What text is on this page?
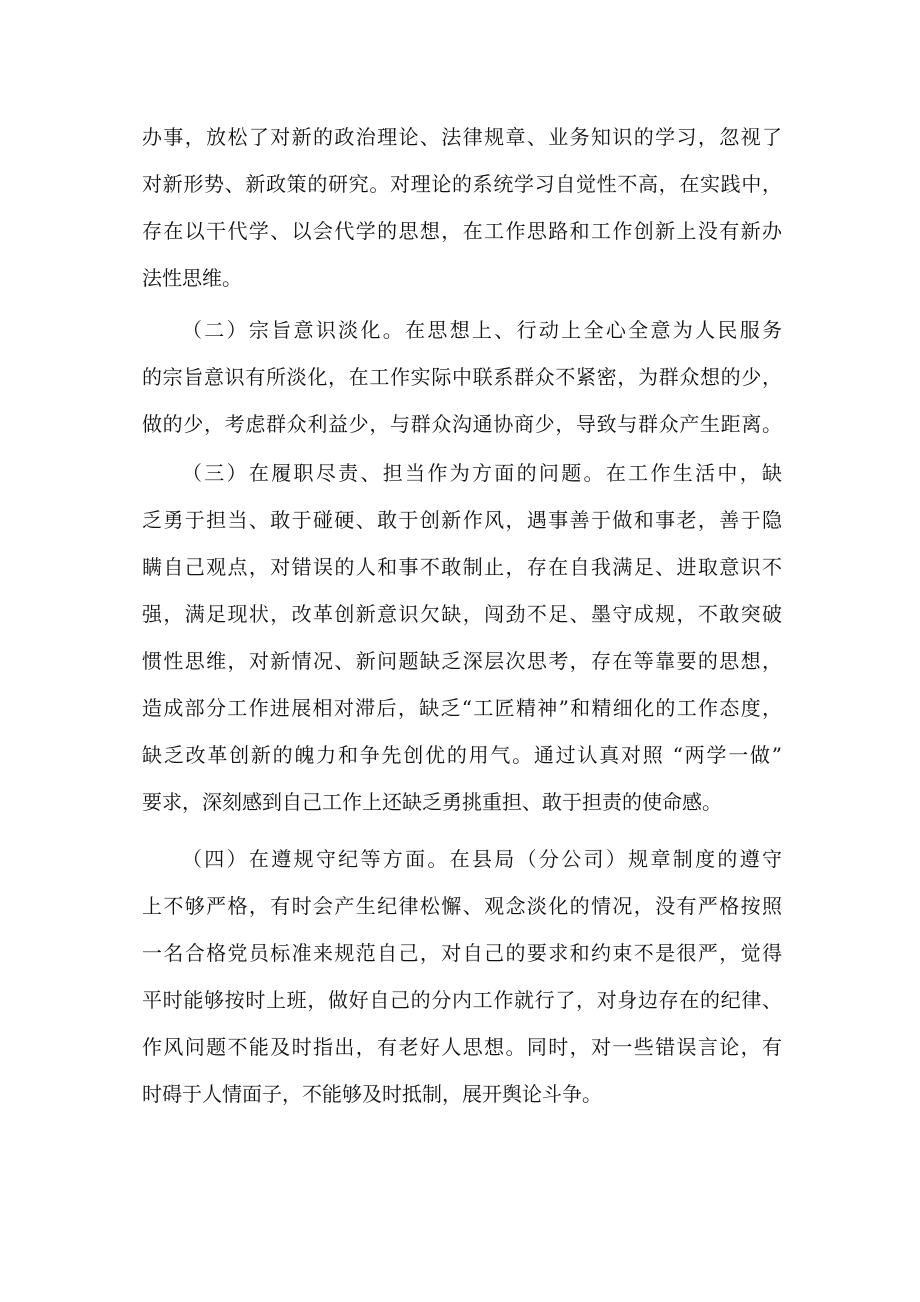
办事，放松了对新的政治理论、法律规章、业务知识的学习，忽视了

对新形势、新政策的研究。对理论的系统学习自觉性不高，在实践中，

存在以干代学、以会代学的思想，在工作思路和工作创新上没有新办

法性思维。

（二）宗旨意识淡化。在思想上、行动上全心全意为人民服务

的宗旨意识有所淡化，在工作实际中联系群众不紧密，为群众想的少，

做的少，考虑群众利益少，与群众沟通协商少，导致与群众产生距离。

（三）在履职尽责、担当作为方面的问题。在工作生活中，缺

乏勇于担当、敢于碰硬、敢于创新作风，遇事善于做和事老，善于隐

瞒自己观点，对错误的人和事不敢制止，存在自我满足、进取意识不

强，满足现状，改革创新意识欠缺，闯劲不足、墨守成规，不敢突破

惯性思维，对新情况、新问题缺乏深层次思考，存在等靠要的思想，

造成部分工作进展相对滞后，缺乏“工匠精神”和精细化的工作态度，

缺乏改革创新的魄力和争先创优的用气。通过认真对照 “两学一做”

要求，深刻感到自己工作上还缺乏勇挑重担、敢于担责的使命感。

（四）在遵规守纪等方面。在县局（分公司）规章制度的遵守

上不够严格，有时会产生纪律松懈、观念淡化的情况，没有严格按照

一名合格党员标准来规范自己，对自己的要求和约束不是很严，觉得

平时能够按时上班，做好自己的分内工作就行了，对身边存在的纪律、

作风问题不能及时指出，有老好人思想。同时，对一些错误言论，有

时碍于人情面子，不能够及时抵制，展开舆论斗争。
